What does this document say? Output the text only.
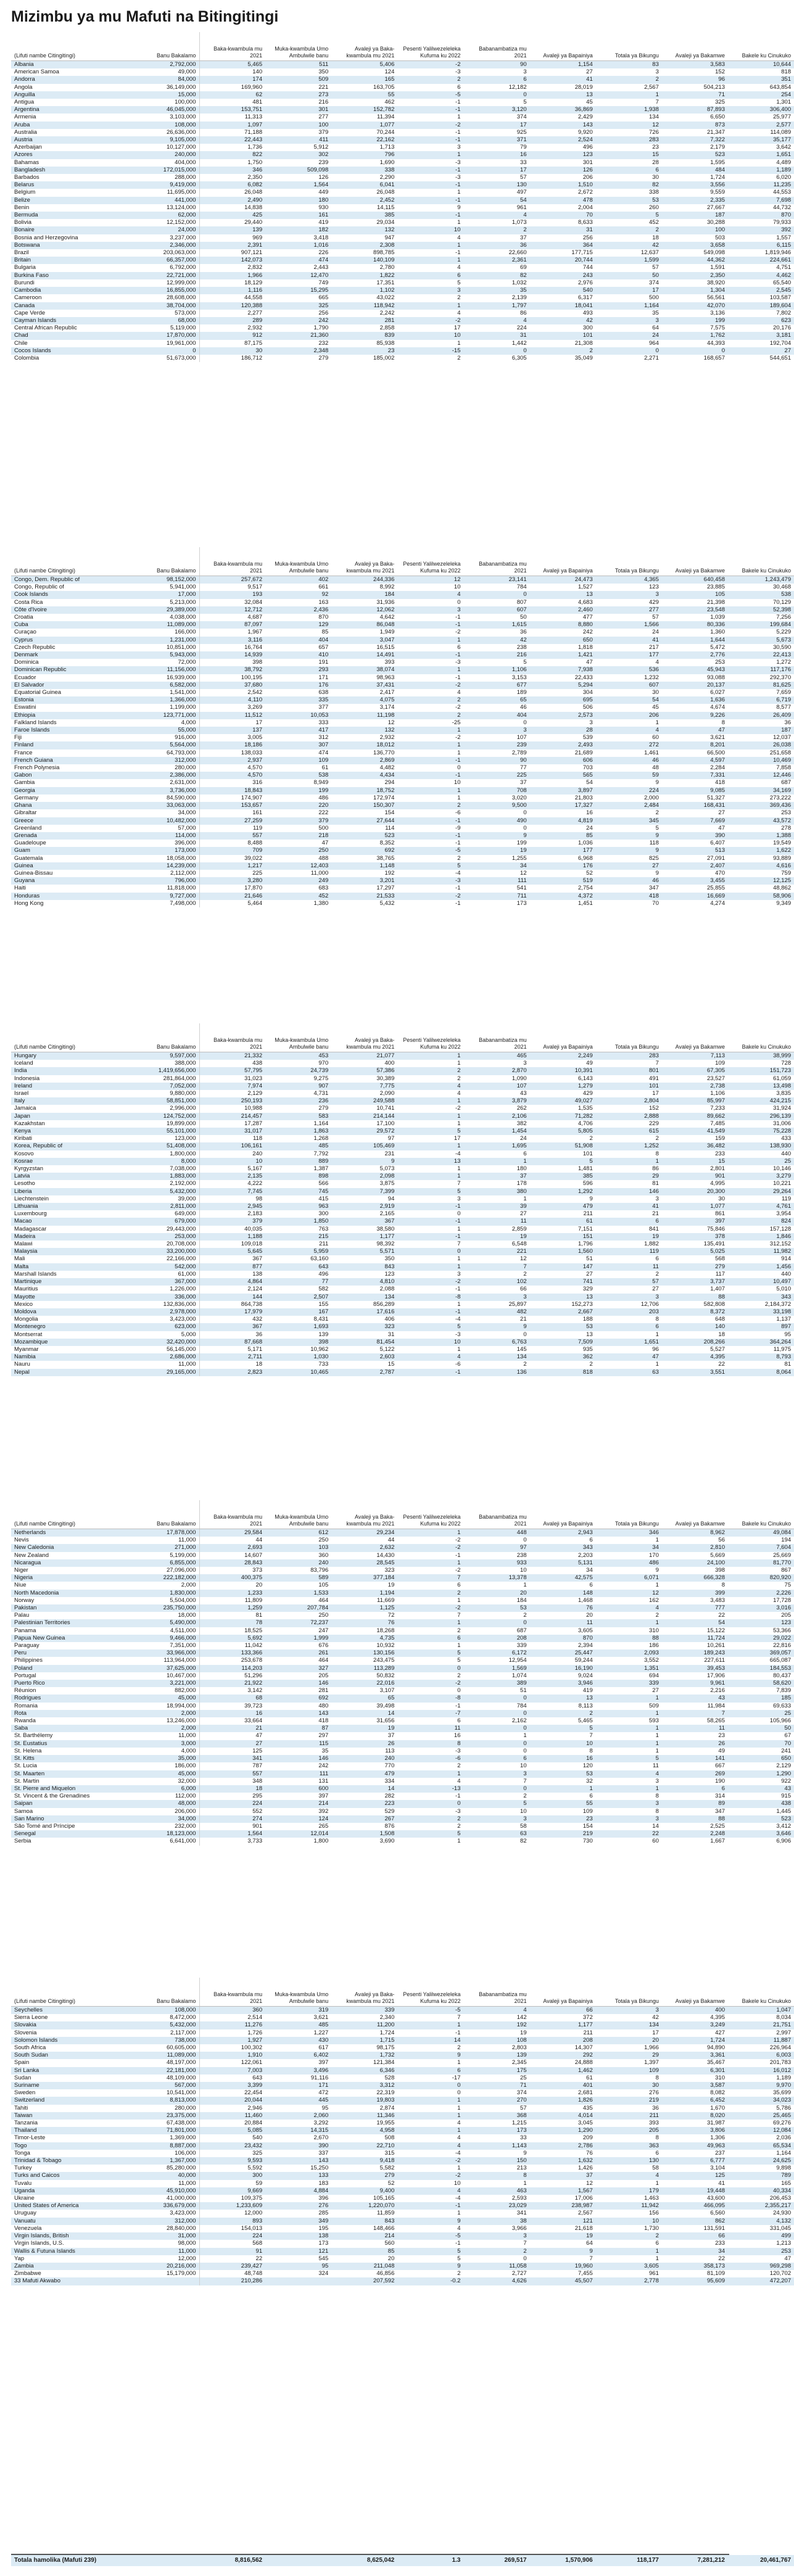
Mizimbu ya mu Mafuti na Bitingitingi
(Lifuti nambe Citingitingi)	Banu Bakalamo	Baka-kwambula mu 2021	Muka-kwambula Umo Ambulwile banu	Avaleji ya Baka-kwambula mu 2021	Pesenti Yalilwezeleleka Kufuma ku 2022	Babanambatiza mu 2021	Avaleji ya Bapainiya	Totala ya Bikungu	Avaleji ya Bakamwe	Bakele ku Cinukuko
Albania	2,792,000	5,465	511	5,406	-2	90	1,154	83	3,583	10,644
American Samoa	49,000	140	350	124	-3	3	27	3	152	818
Andorra	84,000	174	509	165	2	6	41	2	96	351
Angola	36,149,000	169,960	221	163,705	6	12,182	28,019	2,567	504,213	643,854
Anguilla	15,000	62	273	55	-5	0	13	1	71	254
Antigua	100,000	481	216	462	-1	5	45	7	325	1,301
Argentina	46,045,000	153,751	301	152,782	-1	3,120	36,869	1,938	87,893	306,400
Armenia	3,103,000	11,313	277	11,394	1	374	2,429	134	6,650	25,977
Aruba	108,000	1,097	100	1,077	-2	17	143	12	873	2,577
Australia	26,636,000	71,188	379	70,244	-1	925	9,920	726	21,347	114,089
Austria	9,105,000	22,443	411	22,162	-1	371	2,524	283	7,322	35,177
Azerbaijan	10,127,000	1,736	5,912	1,713	3	79	496	23	2,179	3,642
Azores	240,000	822	302	796	1	16	123	15	523	1,651
Bahamas	404,000	1,750	239	1,690	-3	33	301	28	1,595	4,489
Bangladesh	172,015,000	346	509,098	338	-1	17	126	6	484	1,189
Barbados	288,000	2,350	126	2,290	-3	57	206	30	1,724	6,020
Belarus	9,419,000	6,082	1,564	6,041	-1	130	1,510	82	3,556	11,235
Belgium	11,695,000	26,048	449	26,048	1	497	2,672	338	9,559	44,553
Belize	441,000	2,490	180	2,452	-1	54	478	53	2,335	7,698
Benin	13,124,000	14,838	930	14,115	9	961	2,004	260	27,667	44,732
Bermuda	62,000	425	161	385	-1	4	70	5	187	870
Bolivia	12,152,000	29,440	419	29,034	1	1,073	8,633	452	30,288	79,933
Bonaire	24,000	139	182	132	10	2	31	2	100	392
Bosnia and Herzegovina	3,237,000	969	3,418	947	4	37	256	18	503	1,557
Botswana	2,346,000	2,391	1,016	2,308	1	36	364	42	3,658	6,115
Brazil	203,063,000	907,121	226	898,785	-1	22,660	177,715	12,637	549,098	1,819,946
Britain	66,357,000	142,073	474	140,109	1	2,361	20,744	1,599	44,362	224,661
Bulgaria	6,792,000	2,832	2,443	2,780	4	69	744	57	1,591	4,751
Burkina Faso	22,721,000	1,966	12,470	1,822	6	82	243	50	2,350	4,462
Burundi	12,999,000	18,129	749	17,351	5	1,032	2,976	374	38,920	65,540
Cambodia	16,855,000	1,116	15,295	1,102	3	35	540	17	1,304	2,545
Cameroon	28,608,000	44,558	665	43,022	2	2,139	6,317	500	56,561	103,587
Canada	38,704,000	120,388	325	118,942	1	1,797	18,041	1,164	42,070	189,604
Cape Verde	573,000	2,277	256	2,242	4	86	493	35	3,136	7,802
Cayman Islands	68,000	289	242	281	-2	4	42	3	199	623
Central African Republic	5,119,000	2,932	1,790	2,858	17	224	300	64	7,575	20,176
Chad	17,870,000	912	21,360	839	10	31	101	24	1,762	3,181
Chile	19,961,000	87,175	232	85,938	1	1,442	21,308	964	44,393	192,704
Cocos Islands	0	30	2,348	23	-15	0	2	0	0	27
Colombia	51,673,000	186,712	279	185,002	2	6,305	35,049	2,271	168,657	544,651
(Lifuti nambe Citingitingi)	Banu Bakalamo	Baka-kwambula mu 2021	Muka-kwambula Umo Ambulwile banu	Avaleji ya Baka-kwambula mu 2021	Pesenti Yalilwezeleleka Kufuma ku 2022	Babanambatiza mu 2021	Avaleji ya Bapainiya	Totala ya Bikungu	Avaleji ya Bakamwe	Bakele ku Cinukuko
Congo, Dem. Republic of	98,152,000	257,672	402	244,336	12	23,141	24,473	4,365	640,458	1,243,479
Congo, Republic of	5,941,000	9,517	661	8,992	10	784	1,527	123	23,885	30,468
Cook Islands	17,000	193	92	184	4	0	13	3	105	538
Costa Rica	5,213,000	32,084	163	31,936	0	807	4,683	429	21,398	70,129
Côte d'Ivoire	29,389,000	12,712	2,436	12,062	3	607	2,460	277	23,548	52,398
Croatia	4,038,000	4,687	870	4,642	-1	50	477	57	1,039	7,256
Cuba	11,089,000	87,097	129	86,048	-1	1,615	8,880	1,566	80,336	199,684
Curaçao	166,000	1,967	85	1,949	-2	36	242	24	1,360	5,229
Cyprus	1,231,000	3,116	404	3,047	1	42	650	41	1,644	5,673
Czech Republic	10,851,000	16,764	657	16,515	6	238	1,818	217	5,472	30,590
Denmark	5,943,000	14,939	410	14,491	-1	216	1,421	177	2,776	22,413
Dominica	72,000	398	191	393	-3	5	47	4	253	1,272
Dominican Republic	11,156,000	38,792	293	38,074	1	1,106	7,938	536	45,943	117,176
Ecuador	16,939,000	100,195	171	98,963	-1	3,153	22,433	1,232	93,088	292,370
El Salvador	6,582,000	37,680	176	37,431	-2	677	5,294	607	20,137	81,625
Equatorial Guinea	1,541,000	2,542	638	2,417	4	189	304	30	6,027	7,659
Estonia	1,366,000	4,110	335	4,075	2	65	695	54	1,636	6,719
Eswatini	1,199,000	3,269	377	3,174	-2	46	506	45	4,674	8,577
Ethiopia	123,771,000	11,512	10,053	11,198	2	404	2,573	206	9,226	26,409
Falkland Islands	4,000	17	333	12	-25	0	3	1	8	36
Faroe Islands	55,000	137	417	132	1	3	28	4	47	187
Fiji	916,000	3,005	312	2,932	-2	107	539	60	3,621	12,037
Finland	5,564,000	18,186	307	18,012	1	239	2,493	272	8,201	26,038
France	64,793,000	138,033	474	136,770	1	2,789	21,689	1,461	66,500	251,658
French Guiana	312,000	2,937	109	2,869	-1	90	606	46	4,597	10,469
French Polynesia	280,000	4,570	61	4,482	0	77	703	48	2,284	7,858
Gabon	2,386,000	4,570	538	4,434	-1	225	565	59	7,331	12,446
Gambia	2,631,000	316	8,949	294	10	37	54	9	418	687
Georgia	3,736,000	18,843	199	18,752	1	708	3,897	224	9,085	34,169
Germany	84,590,000	174,907	486	172,974	1	3,020	21,803	2,000	51,327	273,222
Ghana	33,063,000	153,657	220	150,307	2	9,500	17,327	2,484	168,431	369,436
Gibraltar	34,000	161	222	154	-6	0	16	2	27	253
Greece	10,482,000	27,259	379	27,644	-1	490	4,819	345	7,669	43,572
Greenland	57,000	119	500	114	-9	0	24	5	47	278
Grenada	114,000	557	218	523	-1	9	85	9	390	1,388
Guadeloupe	396,000	8,488	47	8,352	-1	199	1,036	118	6,407	19,549
Guam	173,000	709	250	692	-5	19	177	9	513	1,622
Guatemala	18,058,000	39,022	488	38,765	2	1,255	6,968	825	27,091	93,889
Guinea	14,239,000	1,217	12,403	1,148	5	34	176	27	2,407	4,616
Guinea-Bissau	2,112,000	225	11,000	192	-4	12	52	9	470	759
Guyana	796,000	3,280	249	3,201	-3	111	519	46	3,455	12,125
Haiti	11,818,000	17,870	683	17,297	-1	541	2,754	347	25,855	48,862
Honduras	9,727,000	21,646	452	21,533	-2	711	4,372	418	16,669	58,906
Hong Kong	7,498,000	5,464	1,380	5,432	-1	173	1,451	70	4,274	9,349
(Lifuti nambe Citingitingi)	Banu Bakalamo	Baka-kwambula mu 2021	Muka-kwambula Umo Ambulwile banu	Avaleji ya Baka-kwambula mu 2021	Pesenti Yalilwezeleleka Kufuma ku 2022	Babanambatiza mu 2021	Avaleji ya Bapainiya	Totala ya Bikungu	Avaleji ya Bakamwe	Bakele ku Cinukuko
Hungary	9,597,000	21,332	453	21,077	1	465	2,249	283	7,113	38,999
Iceland	388,000	438	970	400	1	3	49	7	109	728
India	1,419,656,000	57,795	24,739	57,386	2	2,870	10,391	801	67,305	151,723
Indonesia	281,864,000	31,023	9,275	30,389	2	1,090	6,143	491	23,527	61,059
Ireland	7,052,000	7,974	907	7,775	4	107	1,279	101	2,738	13,498
Israel	9,880,000	2,129	4,731	2,090	4	43	429	17	1,106	3,835
Italy	58,851,000	250,193	236	249,588	1	3,879	49,027	2,804	85,997	424,215
Jamaica	2,996,000	10,988	279	10,741	-2	262	1,535	152	7,233	31,924
Japan	124,752,000	214,457	583	214,144	1	2,106	71,282	2,888	89,662	296,139
Kazakhstan	19,899,000	17,287	1,164	17,100	1	382	4,706	229	7,485	31,006
Kenya	55,101,000	31,017	1,863	29,572	5	1,454	5,805	615	41,549	75,228
Kiribati	123,000	118	1,268	97	17	24	2	2	159	433
Korea, Republic of	51,408,000	106,161	485	105,469	1	1,695	51,908	1,252	36,482	138,930
Kosovo	1,800,000	240	7,792	231	-4	6	101	8	233	440
Kosrae	8,000	10	889	9	13	1	5	1	15	25
Kyrgyzstan	7,038,000	5,167	1,387	5,073	1	180	1,481	86	2,801	10,146
Latvia	1,883,000	2,135	898	2,098	1	37	385	29	901	3,279
Lesotho	2,192,000	4,222	566	3,875	7	178	596	81	4,995	10,221
Liberia	5,432,000	7,745	745	7,399	5	380	1,292	146	20,300	29,264
Liechtenstein	39,000	98	415	94	3	1	9	3	30	119
Lithuania	2,811,000	2,945	963	2,919	-1	39	479	41	1,077	4,761
Luxembourg	649,000	2,183	300	2,165	0	27	211	21	861	3,954
Macao	679,000	379	1,850	367	-1	11	61	6	397	824
Madagascar	29,443,000	40,035	763	38,580	1	2,859	7,151	841	75,846	157,128
Madeira	253,000	1,188	215	1,177	-1	19	151	19	378	1,846
Malawi	20,708,000	109,018	211	98,392	7	6,548	1,796	1,882	135,491	312,152
Malaysia	33,200,000	5,645	5,959	5,571	0	221	1,560	119	5,025	11,982
Mali	22,166,000	367	63,160	350	1	12	51	6	568	914
Malta	542,000	877	643	843	1	7	147	11	279	1,456
Marshall Islands	61,000	138	496	123	3	2	27	2	117	440
Martinique	367,000	4,864	77	4,810	-2	102	741	57	3,737	10,497
Mauritius	1,226,000	2,124	582	2,088	-1	66	329	27	1,407	5,010
Mayotte	336,000	144	2,507	134	-8	3	13	3	88	343
Mexico	132,836,000	864,738	155	856,289	1	25,897	152,273	12,706	582,808	2,184,372
Moldova	2,978,000	17,979	167	17,616	-1	482	2,667	203	8,372	33,198
Mongolia	3,423,000	432	8,431	406	-4	21	188	8	648	1,137
Montenegro	623,000	367	1,693	323	5	9	53	6	140	897
Montserrat	5,000	36	139	31	-3	0	13	1	18	95
Mozambique	32,420,000	87,668	398	81,454	10	6,763	7,509	1,651	208,266	364,264
Myanmar	56,145,000	5,171	10,962	5,122	1	145	935	96	5,527	11,975
Namibia	2,686,000	2,711	1,030	2,603	4	134	362	47	4,395	8,793
Nauru	11,000	18	733	15	-6	2	2	1	22	81
Nepal	29,165,000	2,823	10,465	2,787	-1	136	818	63	3,551	8,064
(Lifuti nambe Citingitingi)	Banu Bakalamo	Baka-kwambula mu 2021	Muka-kwambula Umo Ambulwile banu	Avaleji ya Baka-kwambula mu 2021	Pesenti Yalilwezeleleka Kufuma ku 2022	Babanambatiza mu 2021	Avaleji ya Bapainiya	Totala ya Bikungu	Avaleji ya Bakamwe	Bakele ku Cinukuko
Netherlands	17,878,000	29,584	612	29,234	1	448	2,943	346	8,962	49,084
Nevis	11,000	44	250	44	-2	0	6	1	56	194
New Caledonia	271,000	2,693	103	2,632	-2	97	343	34	2,810	7,604
New Zealand	5,199,000	14,607	360	14,430	-1	238	2,203	170	5,669	25,669
Nicaragua	6,855,000	28,843	240	28,545	1	933	5,131	486	24,100	81,770
Niger	27,096,000	373	83,796	323	-2	10	34	9	398	867
Nigeria	222,182,000	400,375	589	377,184	7	13,378	42,575	6,071	666,328	820,920
Niue	2,000	20	105	19	6	1	6	1	8	75
North Macedonia	1,830,000	1,233	1,533	1,194	2	20	148	12	399	2,226
Norway	5,504,000	11,809	464	11,669	1	184	1,468	162	3,483	17,728
Pakistan	235,750,000	1,259	207,784	1,125	-2	53	76	4	777	3,016
Palau	18,000	81	250	72	7	2	20	2	22	205
Palestinian Territories	5,490,000	78	72,237	76	1	0	11	1	54	123
Panama	4,511,000	18,525	247	18,268	2	687	3,605	310	15,122	53,366
Papua New Guinea	9,466,000	5,692	1,999	4,735	6	208	870	88	11,724	29,022
Paraguay	7,351,000	11,042	676	10,932	1	339	2,394	186	10,261	22,816
Peru	33,966,000	133,366	261	130,156	5	6,172	25,447	2,093	189,243	369,057
Philippines	113,964,000	253,678	464	243,475	5	12,954	59,244	3,552	227,611	665,087
Poland	37,625,000	114,203	327	113,289	0	1,569	16,190	1,351	39,453	184,553
Portugal	10,467,000	51,296	205	50,832	2	1,074	9,024	694	17,906	80,437
Puerto Rico	3,221,000	21,922	146	22,016	-2	389	3,946	339	9,961	58,620
Réunion	882,000	3,142	281	3,107	0	51	419	27	2,216	7,839
Rodrigues	45,000	68	692	65	-8	0	13	1	43	185
Romania	18,994,000	39,723	480	39,498	-1	784	8,113	509	11,984	69,633
Rota	2,000	16	143	14	-7	0	2	1	7	25
Rwanda	13,246,000	33,664	418	31,656	6	2,162	5,465	593	58,265	105,966
Saba	2,000	21	87	19	11	0	5	1	11	50
St. Barthélemy	11,000	47	297	37	16	1	7	1	23	67
St. Eustatius	3,000	27	115	26	8	0	10	1	26	70
St. Helena	4,000	125	35	113	-3	0	8	1	49	241
St. Kitts	35,000	341	146	240	-6	6	16	5	141	650
St. Lucia	186,000	787	242	770	2	10	120	11	667	2,129
St. Maarten	45,000	557	111	479	1	3	53	4	269	1,290
St. Martin	32,000	348	131	334	4	7	32	3	190	922
St. Pierre and Miquelon	6,000	18	600	14	-13	0	1	1	6	43
St. Vincent & the Grenadines	112,000	295	397	282	-1	2	6	8	314	915
Saipan	48,000	224	214	223	0	5	55	3	89	438
Samoa	206,000	552	392	529	-3	10	109	8	347	1,445
San Marino	34,000	274	124	267	2	3	23	3	88	523
São Tomé and Príncipe	232,000	901	265	876	2	58	154	14	2,525	3,412
Senegal	18,123,000	1,564	12,014	1,508	5	63	219	22	2,248	3,646
Serbia	6,641,000	3,733	1,800	3,690	1	82	730	60	1,667	6,906
(Lifuti nambe Citingitingi)	Banu Bakalamo	Baka-kwambula mu 2021	Muka-kwambula Umo Ambulwile banu	Avaleji ya Baka-kwambula mu 2021	Pesenti Yalilwezeleleka Kufuma ku 2022	Babanambatiza mu 2021	Avaleji ya Bapainiya	Totala ya Bikungu	Avaleji ya Bakamwe	Bakele ku Cinukuko
Seychelles	108,000	360	319	339	-5	4	66	3	400	1,047
Sierra Leone	8,472,000	2,514	3,621	2,340	7	142	372	42	4,395	8,034
Slovakia	5,432,000	11,276	485	11,200	1	192	1,177	134	3,249	21,751
Slovenia	2,117,000	1,726	1,227	1,724	-1	19	211	17	427	2,997
Solomon Islands	738,000	1,927	430	1,715	14	108	208	20	1,724	11,887
South Africa	60,605,000	100,302	617	98,175	2	2,803	14,307	1,966	94,890	226,964
South Sudan	11,089,000	1,910	6,402	1,732	9	139	292	29	3,361	6,003
Spain	48,197,000	122,061	397	121,384	1	2,345	24,888	1,397	35,467	201,783
Sri Lanka	22,181,000	7,003	3,496	6,346	6	175	1,462	109	6,301	16,012
Sudan	48,109,000	643	91,116	528	-17	25	61	8	310	1,189
Suriname	567,000	3,399	171	3,312	0	71	401	30	3,587	9,970
Sweden	10,541,000	22,454	472	22,319	0	374	2,681	276	8,082	35,699
Switzerland	8,813,000	20,044	445	19,803	1	270	1,826	219	6,452	34,023
Tahiti	280,000	2,946	95	2,874	1	57	435	36	1,670	5,786
Taiwan	23,375,000	11,460	2,060	11,346	1	368	4,014	211	8,020	25,465
Tanzania	67,438,000	20,884	3,292	19,955	4	1,215	3,045	393	31,987	69,276
Thailand	71,801,000	5,085	14,315	4,958	1	173	1,290	205	3,806	12,084
Timor-Leste	1,369,000	540	2,670	508	4	33	209	8	1,306	2,036
Togo	8,887,000	23,432	390	22,710	4	1,143	2,786	363	49,963	65,534
Tonga	106,000	325	337	315	-4	9	76	6	237	1,164
Trinidad & Tobago	1,367,000	9,593	143	9,418	-2	150	1,632	130	6,777	24,625
Turkey	85,280,000	5,592	15,250	5,582	1	213	1,426	58	3,104	9,898
Turks and Caicos	40,000	300	133	279	-2	8	37	4	125	789
Tuvalu	11,000	59	183	52	10	1	12	1	41	165
Uganda	45,910,000	9,669	4,884	9,400	4	463	1,567	179	19,448	40,334
Ukraine	41,000,000	109,375	396	105,165	-4	2,593	17,006	1,463	43,600	206,453
United States of America	336,679,000	1,233,609	276	1,220,070	-1	23,029	238,987	11,942	466,095	2,355,217
Uruguay	3,423,000	12,000	285	11,859	1	341	2,567	156	6,560	24,930
Vanuatu	312,000	893	349	843	9	38	121	10	862	4,132
Venezuela	28,840,000	154,013	195	148,466	4	3,966	21,618	1,730	131,591	331,045
Virgin Islands, British	31,000	224	138	214	-5	3	19	2	66	499
Virgin Islands, U.S.	98,000	568	173	560	-1	7	64	6	233	1,213
Wallis & Futuna Islands	11,000	91	121	85	5	2	9	1	34	253
Yap	12,000	22	545	20	5	0	7	1	22	47
Zambia	20,216,000	239,427	95	211,048	9	11,058	19,960	3,605	358,173	969,298
Zimbabwe	15,179,000	48,748	324	46,856	2	2,727	7,455	961	81,109	120,702
33 Mafuti Akwabo		210,286		207,592	-0.2	4,626	45,507	2,778	95,609	472,207
Totala hamolika (Mafuti 239)		8,816,562		8,625,042	1.3	269,517	1,570,906	118,177	7,281,212	20,461,767
